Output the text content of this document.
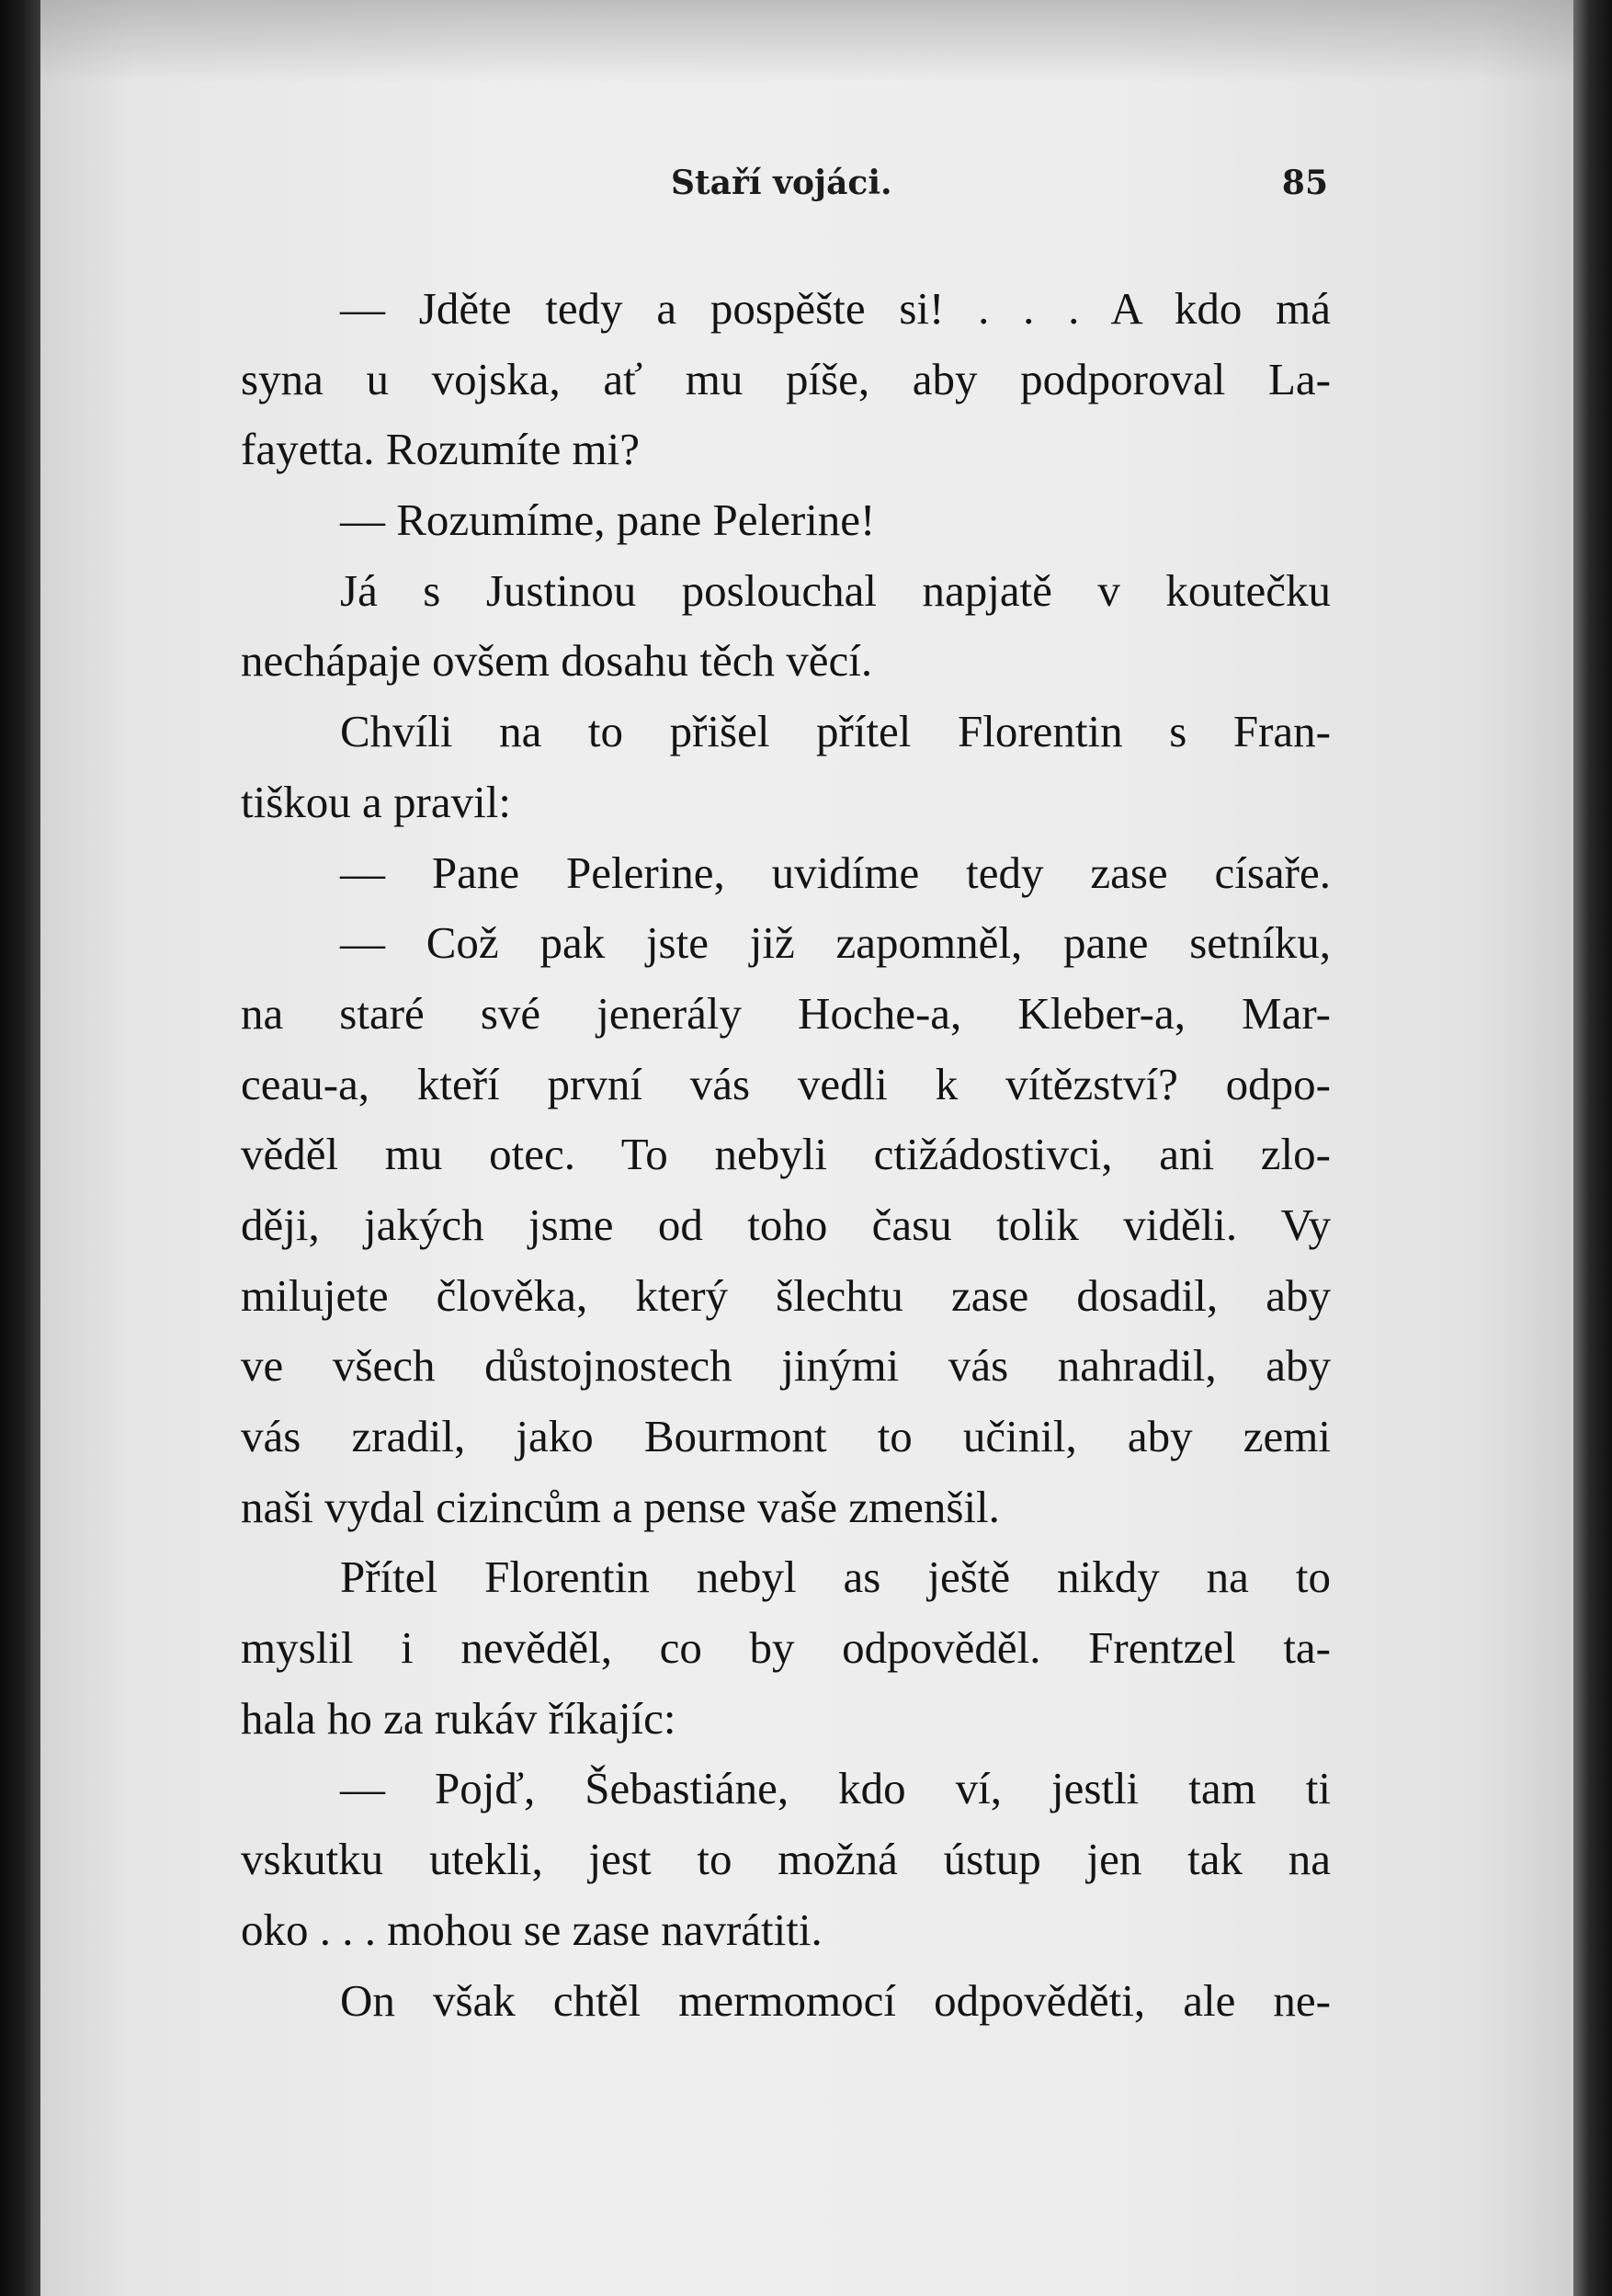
Staří vojáci.	85
— Jděte tedy a pospěšte si! . . . A kdo má
syna u vojska, ať mu píše, aby podporoval La-
fayetta. Rozumíte mi?
— Rozumíme, pane Pelerine!
Já s Justinou poslouchal napjatě v koutečku
nechápaje ovšem dosahu těch věcí.
Chvíli na to přišel přítel Florentin s Fran-
tiškou a pravil:
— Pane Pelerine, uvidíme tedy zase císaře.
— Což pak jste již zapomněl, pane setníku,
na staré své jenerály Hoche-a, Kleber-a, Mar-
ceau-a, kteří první vás vedli k vítězství? odpo-
věděl mu otec. To nebyli ctižádostivci, ani zlo-
ději, jakých jsme od toho času tolik viděli. Vy
milujete člověka, který šlechtu zase dosadil, aby
ve všech důstojnostech jinými vás nahradil, aby
vás zradil, jako Bourmont to učinil, aby zemi
naši vydal cizincům a pense vaše zmenšil.
Přítel Florentin nebyl as ještě nikdy na to
myslil i nevěděl, co by odpověděl. Frentzel ta-
hala ho za rukáv říkajíc:
— Pojď, Šebastiáne, kdo ví, jestli tam ti
vskutku utekli, jest to možná ústup jen tak na
oko . . . mohou se zase navrátiti.
On však chtěl mermomocí odpověděti, ale ne-
